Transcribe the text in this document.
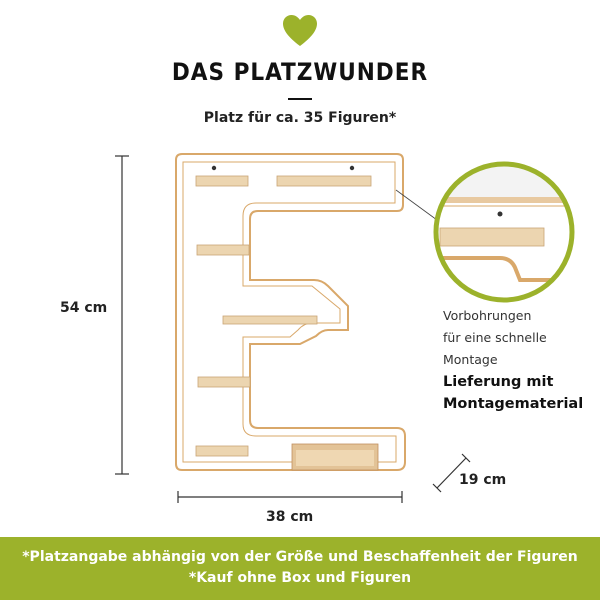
DAS PLATZWUNDER
Platz für ca. 35 Figuren*
54 cm
38 cm
19 cm
Vorbohrungen
für eine schnelle
Montage
Lieferung mit
Montagematerial
*Platzangabe abhängig von der Größe und Beschaffenheit der Figuren
*Kauf ohne Box und Figuren
